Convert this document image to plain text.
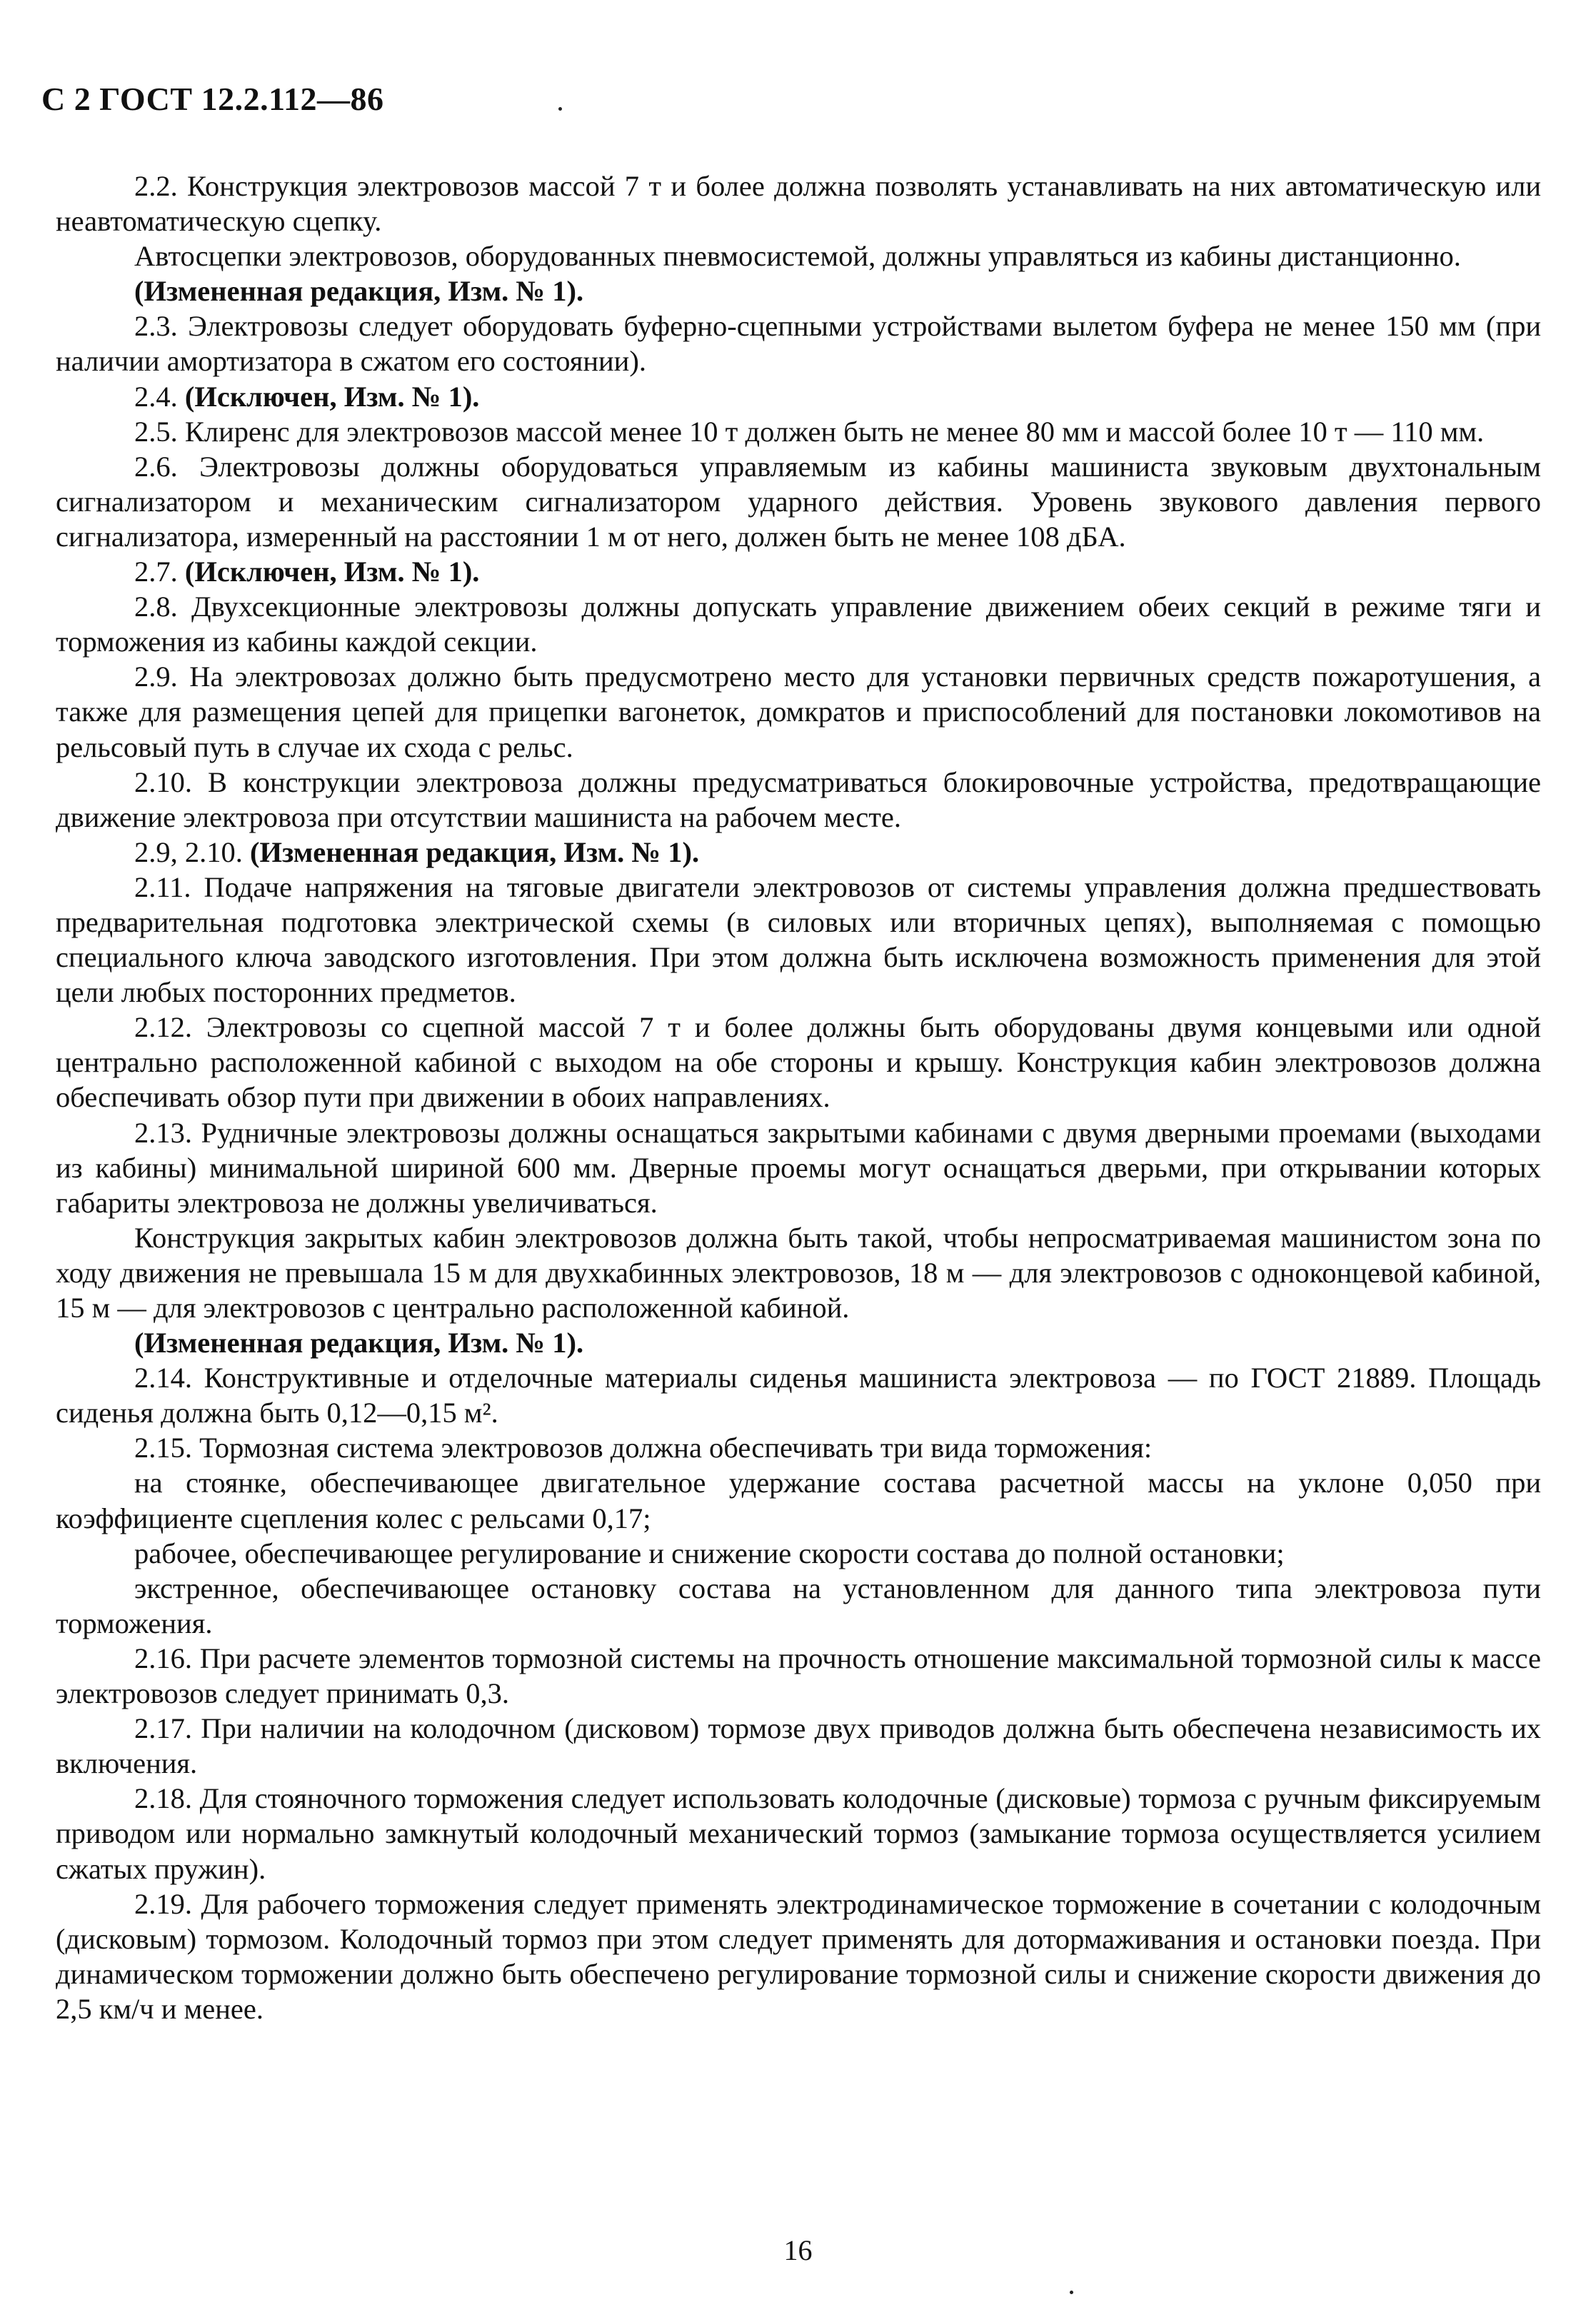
С 2 ГОСТ 12.2.112—86

2.2. Конструкция электровозов массой 7 т и более должна позволять устанавливать на них автоматическую или неавтоматическую сцепку.

Автосцепки электровозов, оборудованных пневмосистемой, должны управляться из кабины дистанционно.

(Измененная редакция, Изм. № 1).

2.3. Электровозы следует оборудовать буферно-сцепными устройствами вылетом буфера не менее 150 мм (при наличии амортизатора в сжатом его состоянии).

2.4. (Исключен, Изм. № 1).

2.5. Клиренс для электровозов массой менее 10 т должен быть не менее 80 мм и массой более 10 т — 110 мм.

2.6. Электровозы должны оборудоваться управляемым из кабины машиниста звуковым двухтональным сигнализатором и механическим сигнализатором ударного действия. Уровень звукового давления первого сигнализатора, измеренный на расстоянии 1 м от него, должен быть не менее 108 дБА.

2.7. (Исключен, Изм. № 1).

2.8. Двухсекционные электровозы должны допускать управление движением обеих секций в режиме тяги и торможения из кабины каждой секции.

2.9. На электровозах должно быть предусмотрено место для установки первичных средств пожаротушения, а также для размещения цепей для прицепки вагонеток, домкратов и приспособлений для постановки локомотивов на рельсовый путь в случае их схода с рельс.

2.10. В конструкции электровоза должны предусматриваться блокировочные устройства, предотвращающие движение электровоза при отсутствии машиниста на рабочем месте.

2.9, 2.10. (Измененная редакция, Изм. № 1).

2.11. Подаче напряжения на тяговые двигатели электровозов от системы управления должна предшествовать предварительная подготовка электрической схемы (в силовых или вторичных цепях), выполняемая с помощью специального ключа заводского изготовления. При этом должна быть исключена возможность применения для этой цели любых посторонних предметов.

2.12. Электровозы со сцепной массой 7 т и более должны быть оборудованы двумя концевыми или одной центрально расположенной кабиной с выходом на обе стороны и крышу. Конструкция кабин электровозов должна обеспечивать обзор пути при движении в обоих направлениях.

2.13. Рудничные электровозы должны оснащаться закрытыми кабинами с двумя дверными проемами (выходами из кабины) минимальной шириной 600 мм. Дверные проемы могут оснащаться дверьми, при открывании которых габариты электровоза не должны увеличиваться.

Конструкция закрытых кабин электровозов должна быть такой, чтобы непросматриваемая машинистом зона по ходу движения не превышала 15 м для двухкабинных электровозов, 18 м — для электровозов с одноконцевой кабиной, 15 м — для электровозов с центрально расположенной кабиной.

(Измененная редакция, Изм. № 1).

2.14. Конструктивные и отделочные материалы сиденья машиниста электровоза — по ГОСТ 21889. Площадь сиденья должна быть 0,12—0,15 м².

2.15. Тормозная система электровозов должна обеспечивать три вида торможения:

на стоянке, обеспечивающее двигательное удержание состава расчетной массы на уклоне 0,050 при коэффициенте сцепления колес с рельсами 0,17;

рабочее, обеспечивающее регулирование и снижение скорости состава до полной остановки;

экстренное, обеспечивающее остановку состава на установленном для данного типа электровоза пути торможения.

2.16. При расчете элементов тормозной системы на прочность отношение максимальной тормозной силы к массе электровозов следует принимать 0,3.

2.17. При наличии на колодочном (дисковом) тормозе двух приводов должна быть обеспечена независимость их включения.

2.18. Для стояночного торможения следует использовать колодочные (дисковые) тормоза с ручным фиксируемым приводом или нормально замкнутый колодочный механический тормоз (замыкание тормоза осуществляется усилием сжатых пружин).

2.19. Для рабочего торможения следует применять электродинамическое торможение в сочетании с колодочным (дисковым) тормозом. Колодочный тормоз при этом следует применять для дотормаживания и остановки поезда. При динамическом торможении должно быть обеспечено регулирование тормозной силы и снижение скорости движения до 2,5 км/ч и менее.

16
